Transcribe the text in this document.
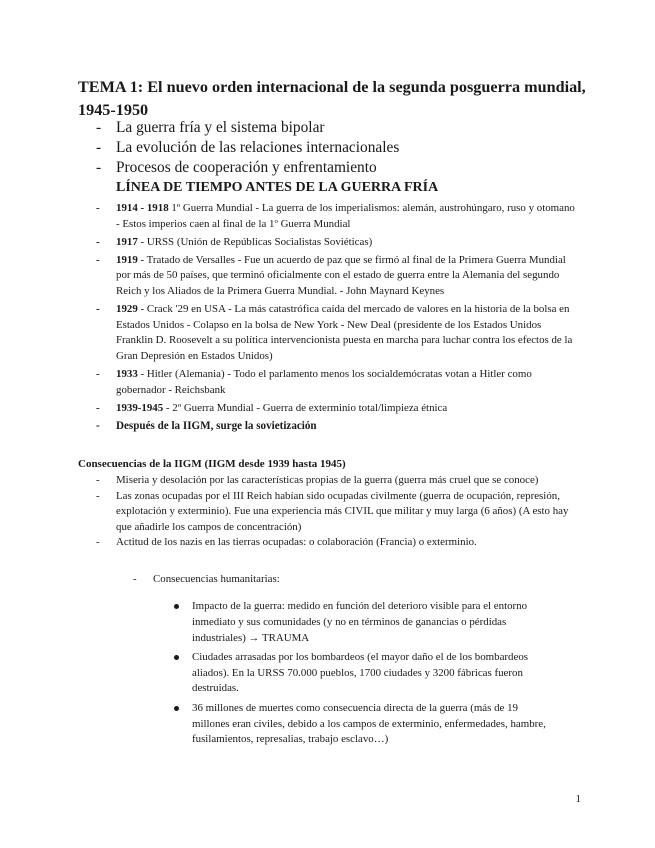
TEMA 1: El nuevo orden internacional de la segunda posguerra mundial, 1945-1950
- La guerra fría y el sistema bipolar
- La evolución de las relaciones internacionales
- Procesos de cooperación y enfrentamiento
LÍNEA DE TIEMPO ANTES DE LA GUERRA FRÍA
- 1914 - 1918 1º Guerra Mundial - La guerra de los imperialismos: alemán, austrohúngaro, ruso y otomano - Estos imperios caen al final de la 1º Guerra Mundial
- 1917 - URSS (Unión de Repúblicas Socialistas Soviéticas)
- 1919 - Tratado de Versalles - Fue un acuerdo de paz que se firmó al final de la Primera Guerra Mundial por más de 50 países, que terminó oficialmente con el estado de guerra entre la Alemania del segundo Reich y los Aliados de la Primera Guerra Mundial. - John Maynard Keynes
- 1929 - Crack '29 en USA - La más catastrófica caída del mercado de valores en la historia de la bolsa en Estados Unidos - Colapso en la bolsa de New York - New Deal (presidente de los Estados Unidos Franklin D. Roosevelt a su política intervencionista puesta en marcha para luchar contra los efectos de la Gran Depresión en Estados Unidos)
- 1933 - Hitler (Alemania) - Todo el parlamento menos los socialdemócratas votan a Hitler como gobernador - Reichsbank
- 1939-1945 - 2º Guerra Mundial - Guerra de exterminio total/limpieza étnica
- Después de la IIGM, surge la sovietización
Consecuencias de la IIGM (IIGM desde 1939 hasta 1945)
- Miseria y desolación por las características propias de la guerra (guerra más cruel que se conoce)
- Las zonas ocupadas por el III Reich habían sido ocupadas civilmente (guerra de ocupación, represión, explotación y exterminio). Fue una experiencia más CIVIL que militar y muy larga (6 años) (A esto hay que añadirle los campos de concentración)
- Actitud de los nazis en las tierras ocupadas: o colaboración (Francia) o exterminio.

- Consecuencias humanitarias:

Impacto de la guerra: medido en función del deterioro visible para el entorno inmediato y sus comunidades (y no en términos de ganancias o pérdidas industriales) → TRAUMA
Ciudades arrasadas por los bombardeos (el mayor daño el de los bombardeos aliados). En la URSS 70.000 pueblos, 1700 ciudades y 3200 fábricas fueron destruidas.
36 millones de muertes como consecuencia directa de la guerra (más de 19 millones eran civiles, debido a los campos de exterminio, enfermedades, hambre, fusilamientos, represalias, trabajo esclavo…)
1
